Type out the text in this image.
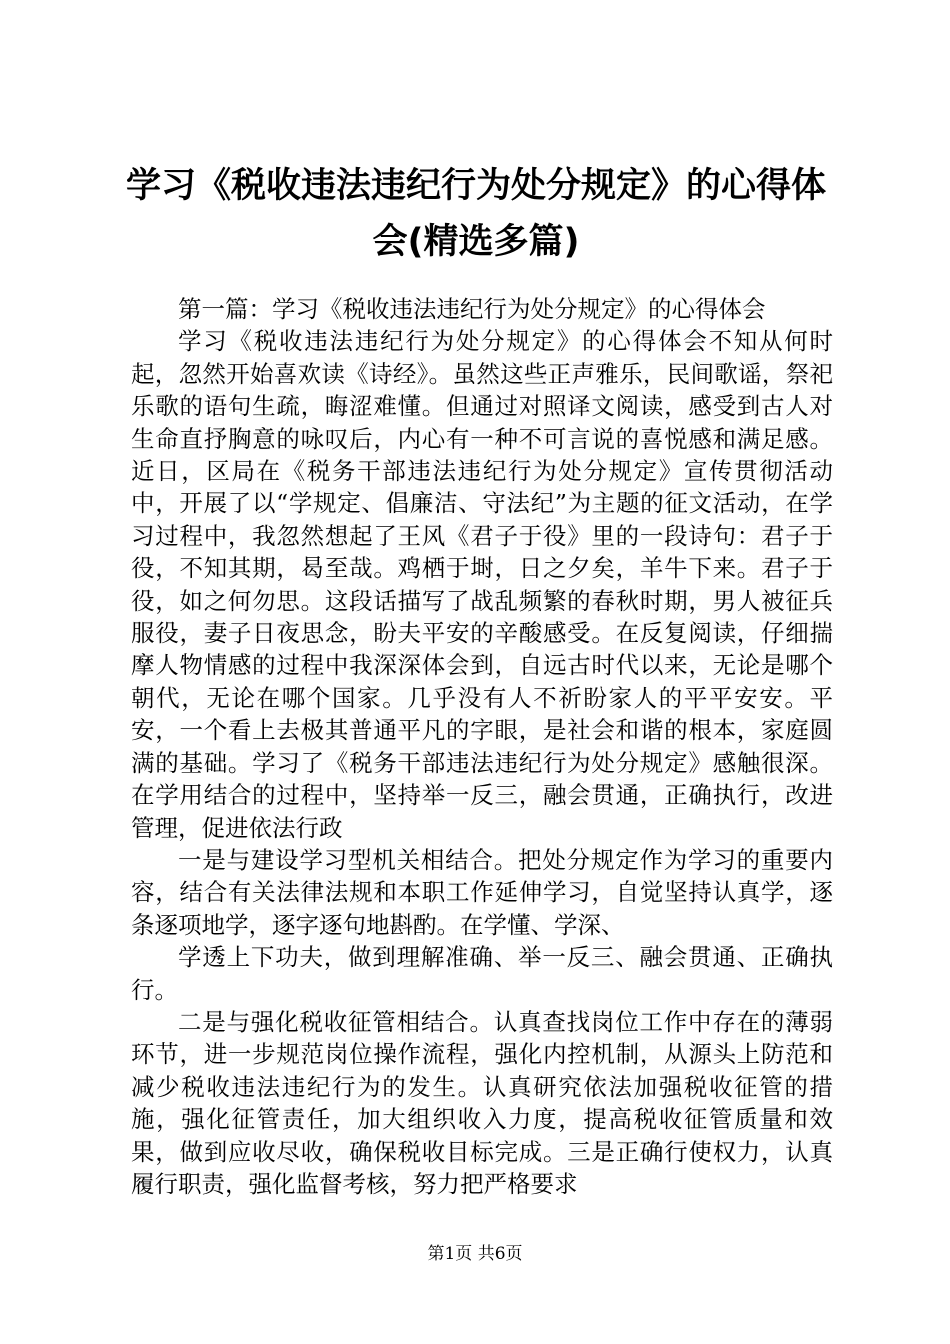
学习《税收违法违纪行为处分规定》的心得体
会(精选多篇)

第一篇：学习《税收违法违纪行为处分规定》的心得体会

学习《税收违法违纪行为处分规定》的心得体会不知从何时起，忽然开始喜欢读《诗经》。虽然这些正声雅乐，民间歌谣，祭祀乐歌的语句生疏，晦涩难懂。但通过对照译文阅读，感受到古人对生命直抒胸意的咏叹后，内心有一种不可言说的喜悦感和满足感。近日，区局在《税务干部违法违纪行为处分规定》宣传贯彻活动中，开展了以“学规定、倡廉洁、守法纪”为主题的征文活动，在学习过程中，我忽然想起了王风《君子于役》里的一段诗句：君子于役，不知其期，曷至哉。鸡栖于埘，日之夕矣，羊牛下来。君子于役，如之何勿思。这段话描写了战乱频繁的春秋时期，男人被征兵服役，妻子日夜思念，盼夫平安的辛酸感受。在反复阅读，仔细揣摩人物情感的过程中我深深体会到，自远古时代以来，无论是哪个朝代，无论在哪个国家。几乎没有人不祈盼家人的平平安安。平安，一个看上去极其普通平凡的字眼，是社会和谐的根本，家庭圆满的基础。学习了《税务干部违法违纪行为处分规定》感触很深。在学用结合的过程中，坚持举一反三，融会贯通，正确执行，改进管理，促进依法行政

一是与建设学习型机关相结合。把处分规定作为学习的重要内容，结合有关法律法规和本职工作延伸学习，自觉坚持认真学，逐条逐项地学，逐字逐句地斟酌。在学懂、学深、

学透上下功夫，做到理解准确、举一反三、融会贯通、正确执行。

二是与强化税收征管相结合。认真查找岗位工作中存在的薄弱环节，进一步规范岗位操作流程，强化内控机制，从源头上防范和减少税收违法违纪行为的发生。认真研究依法加强税收征管的措施，强化征管责任，加大组织收入力度，提高税收征管质量和效果，做到应收尽收，确保税收目标完成。三是正确行使权力，认真履行职责，强化监督考核，努力把严格要求

第1页 共6页
